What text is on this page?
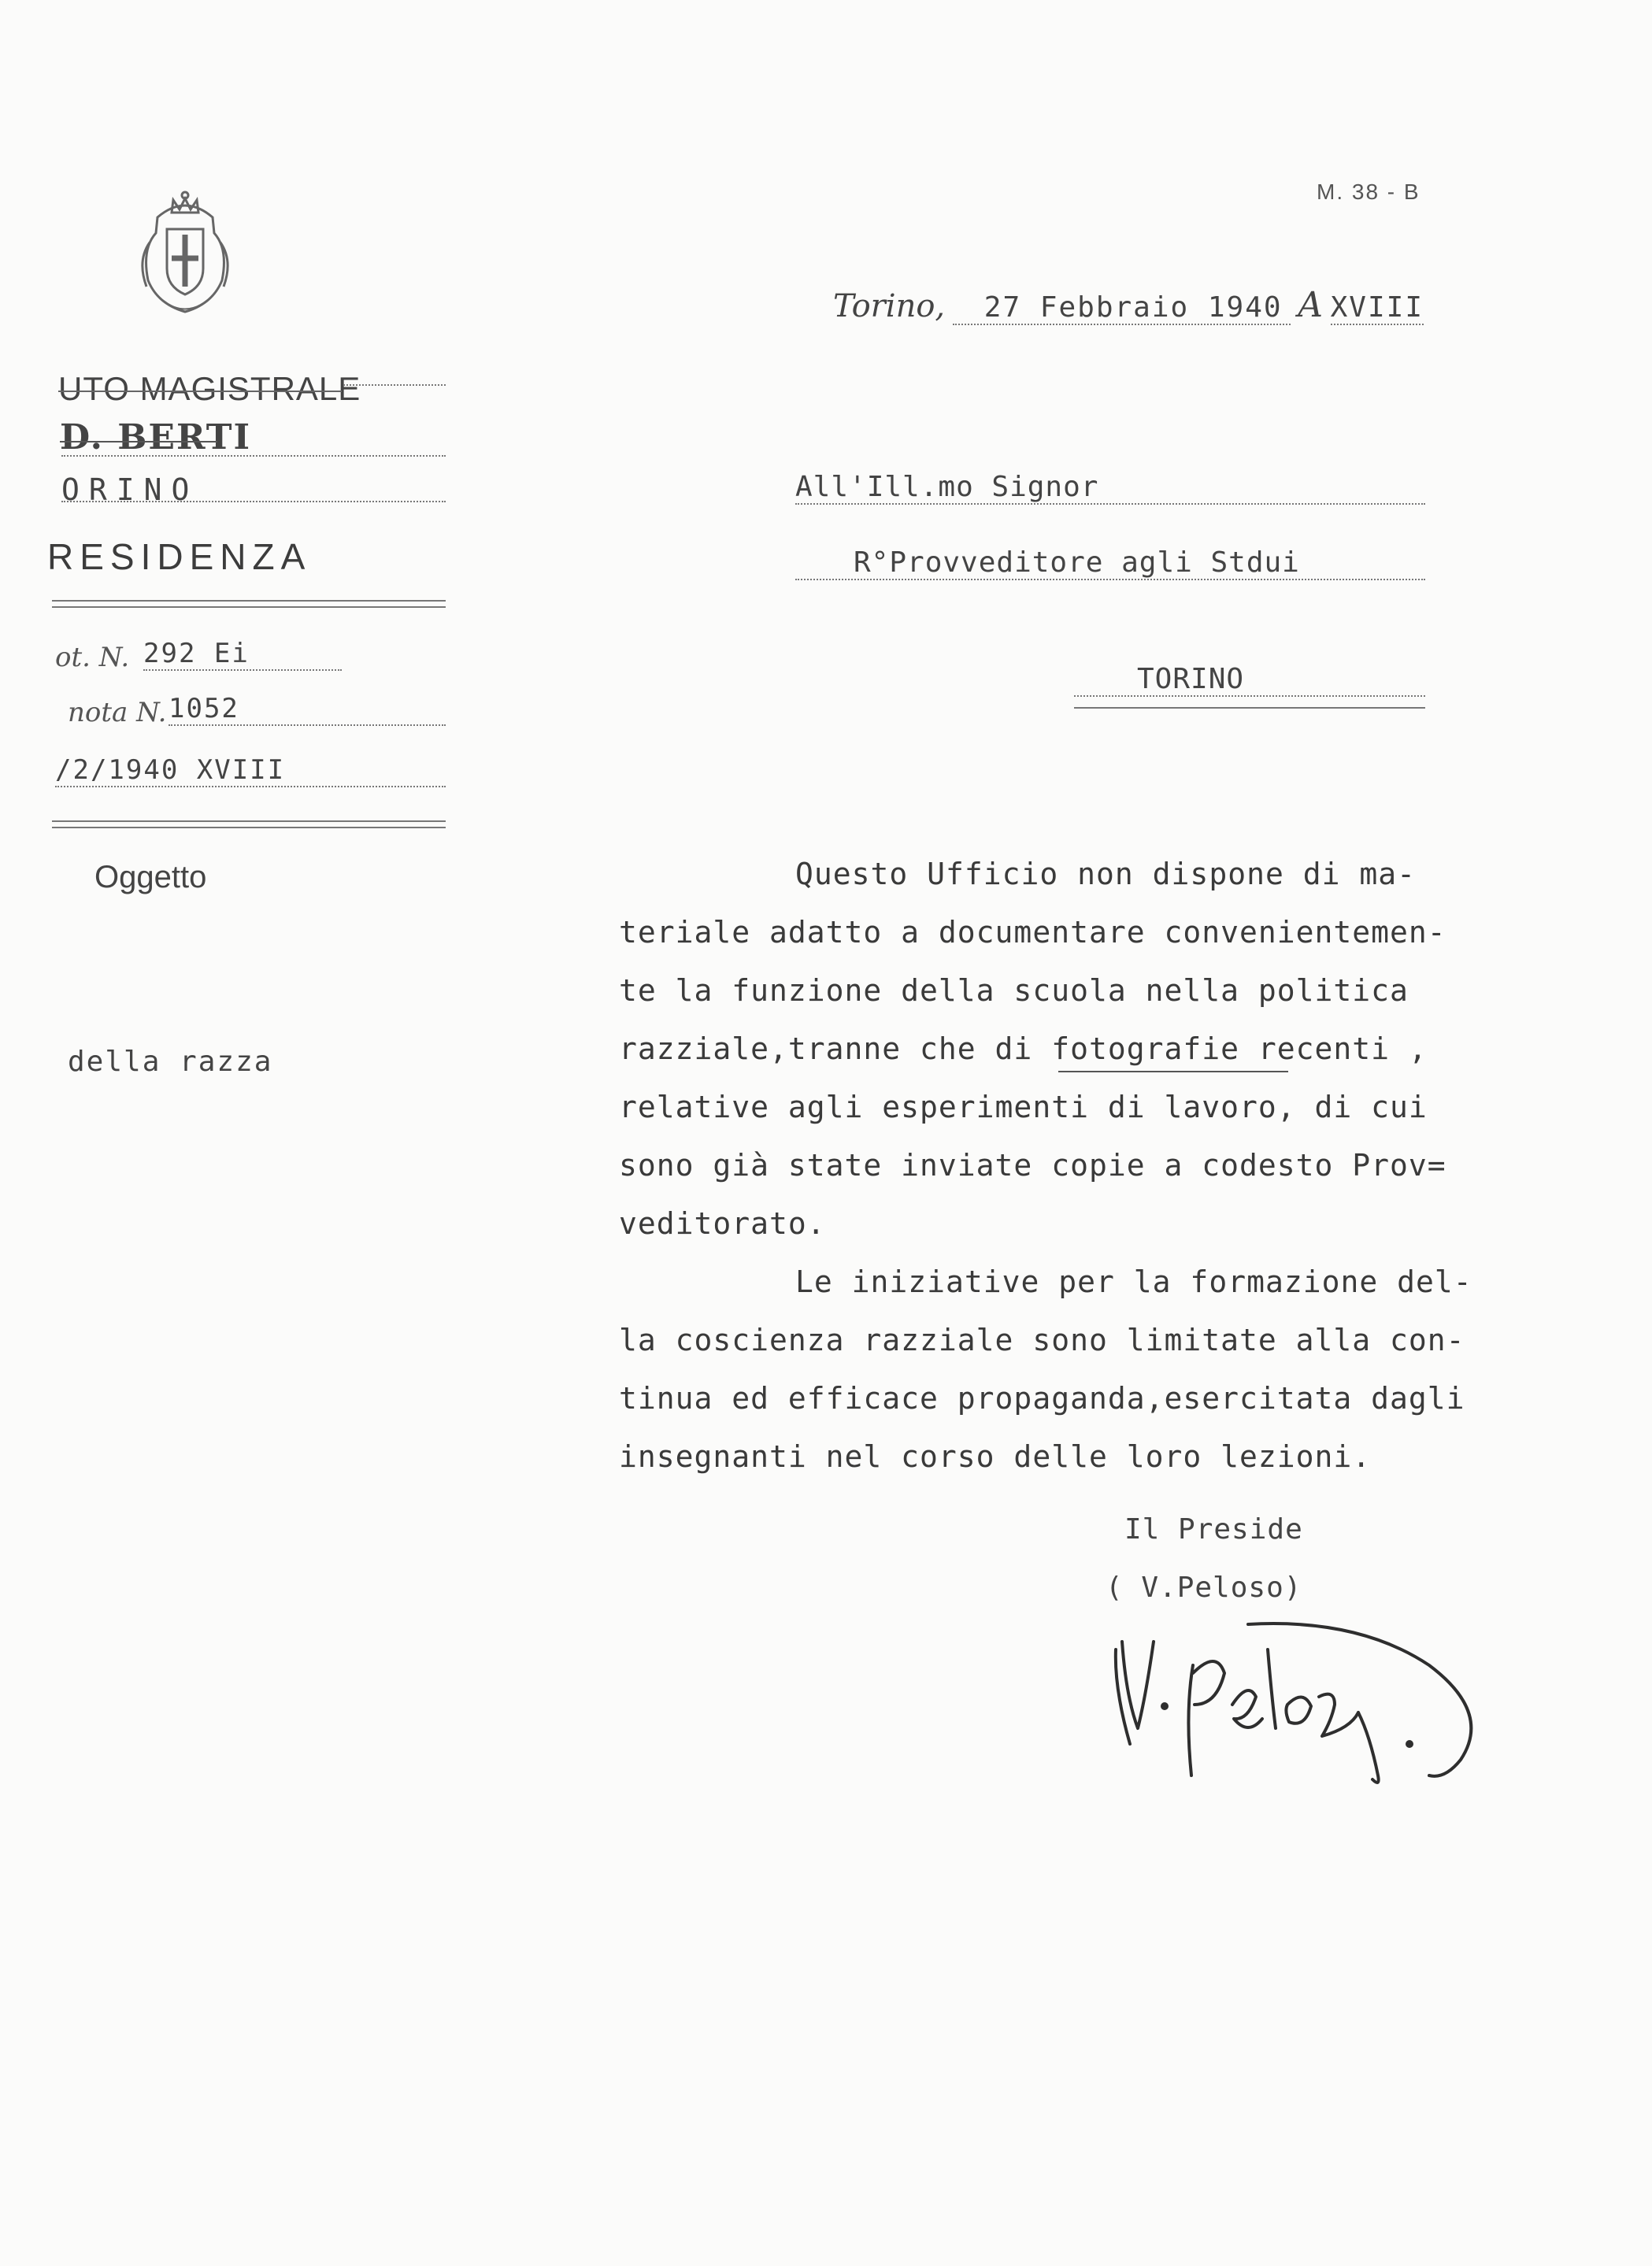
M. 38 - B
UTO MAGISTRALE
D. BERTI
ORINO
RESIDENZA
ot. N. 292 Ei
nota N. 1052
/2/1940 XVIII
Oggetto
della razza
Torino, 27 Febbraio 1940 A XVIII
All'Ill.mo Signor
R°Provveditore agli Stdui
TORINO
Questo Ufficio non dispone di ma-
teriale adatto a documentare convenientemen-
te la funzione della scuola nella politica
razziale,tranne che di fotografie recenti ,
relative agli esperimenti di lavoro, di cui
sono già state inviate copie a codesto Prov=
veditorato.
Le iniziative per la formazione del-
la coscienza razziale sono limitate alla con-
tinua ed efficace propaganda,esercitata dagli
insegnanti nel corso delle loro lezioni.
Il Preside
( V.Peloso)
